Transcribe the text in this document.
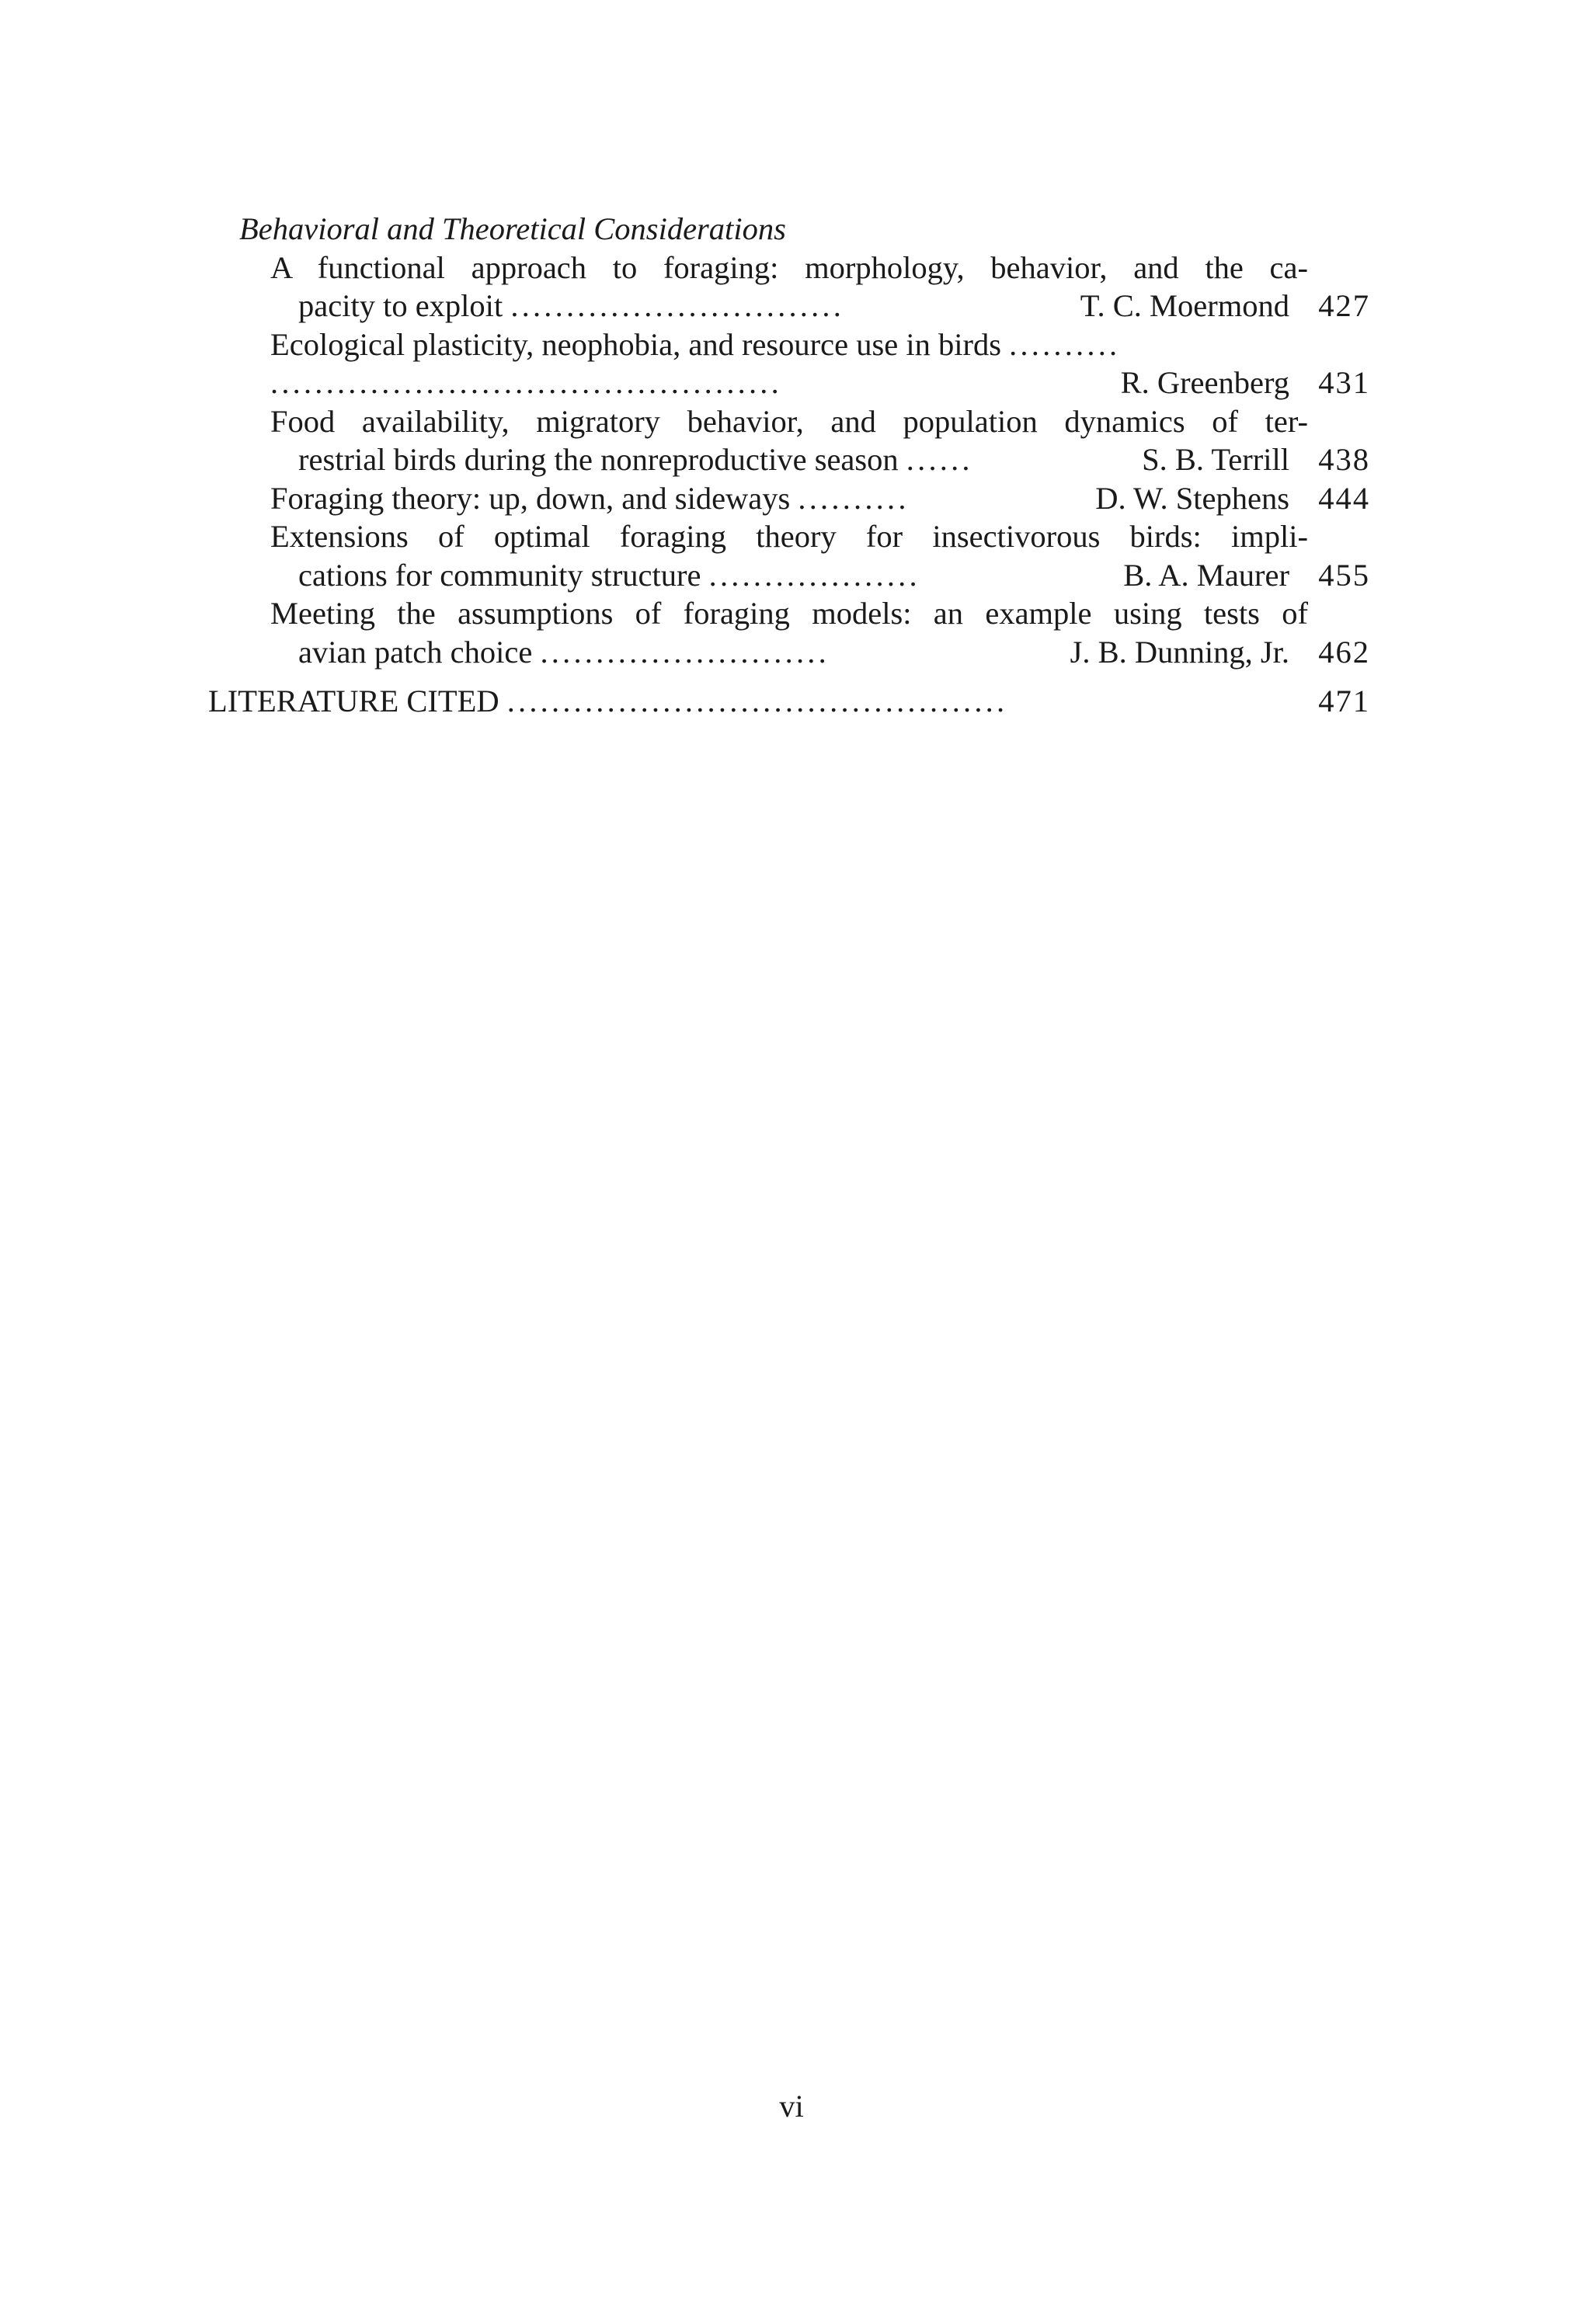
Behavioral and Theoretical Considerations
A functional approach to foraging: morphology, behavior, and the ca-
pacity to exploit ..............................	T. C. Moermond 427
Ecological plasticity, neophobia, and resource use in birds ..........
..............................................	R. Greenberg 431
Food availability, migratory behavior, and population dynamics of ter-
restrial birds during the nonreproductive season ......	S. B. Terrill 438
Foraging theory: up, down, and sideways ..........	D. W. Stephens 444
Extensions of optimal foraging theory for insectivorous birds: impli-
cations for community structure ...................	B. A. Maurer 455
Meeting the assumptions of foraging models: an example using tests of
avian patch choice ..........................	J. B. Dunning, Jr. 462
LITERATURE CITED .............................................	471
vi
